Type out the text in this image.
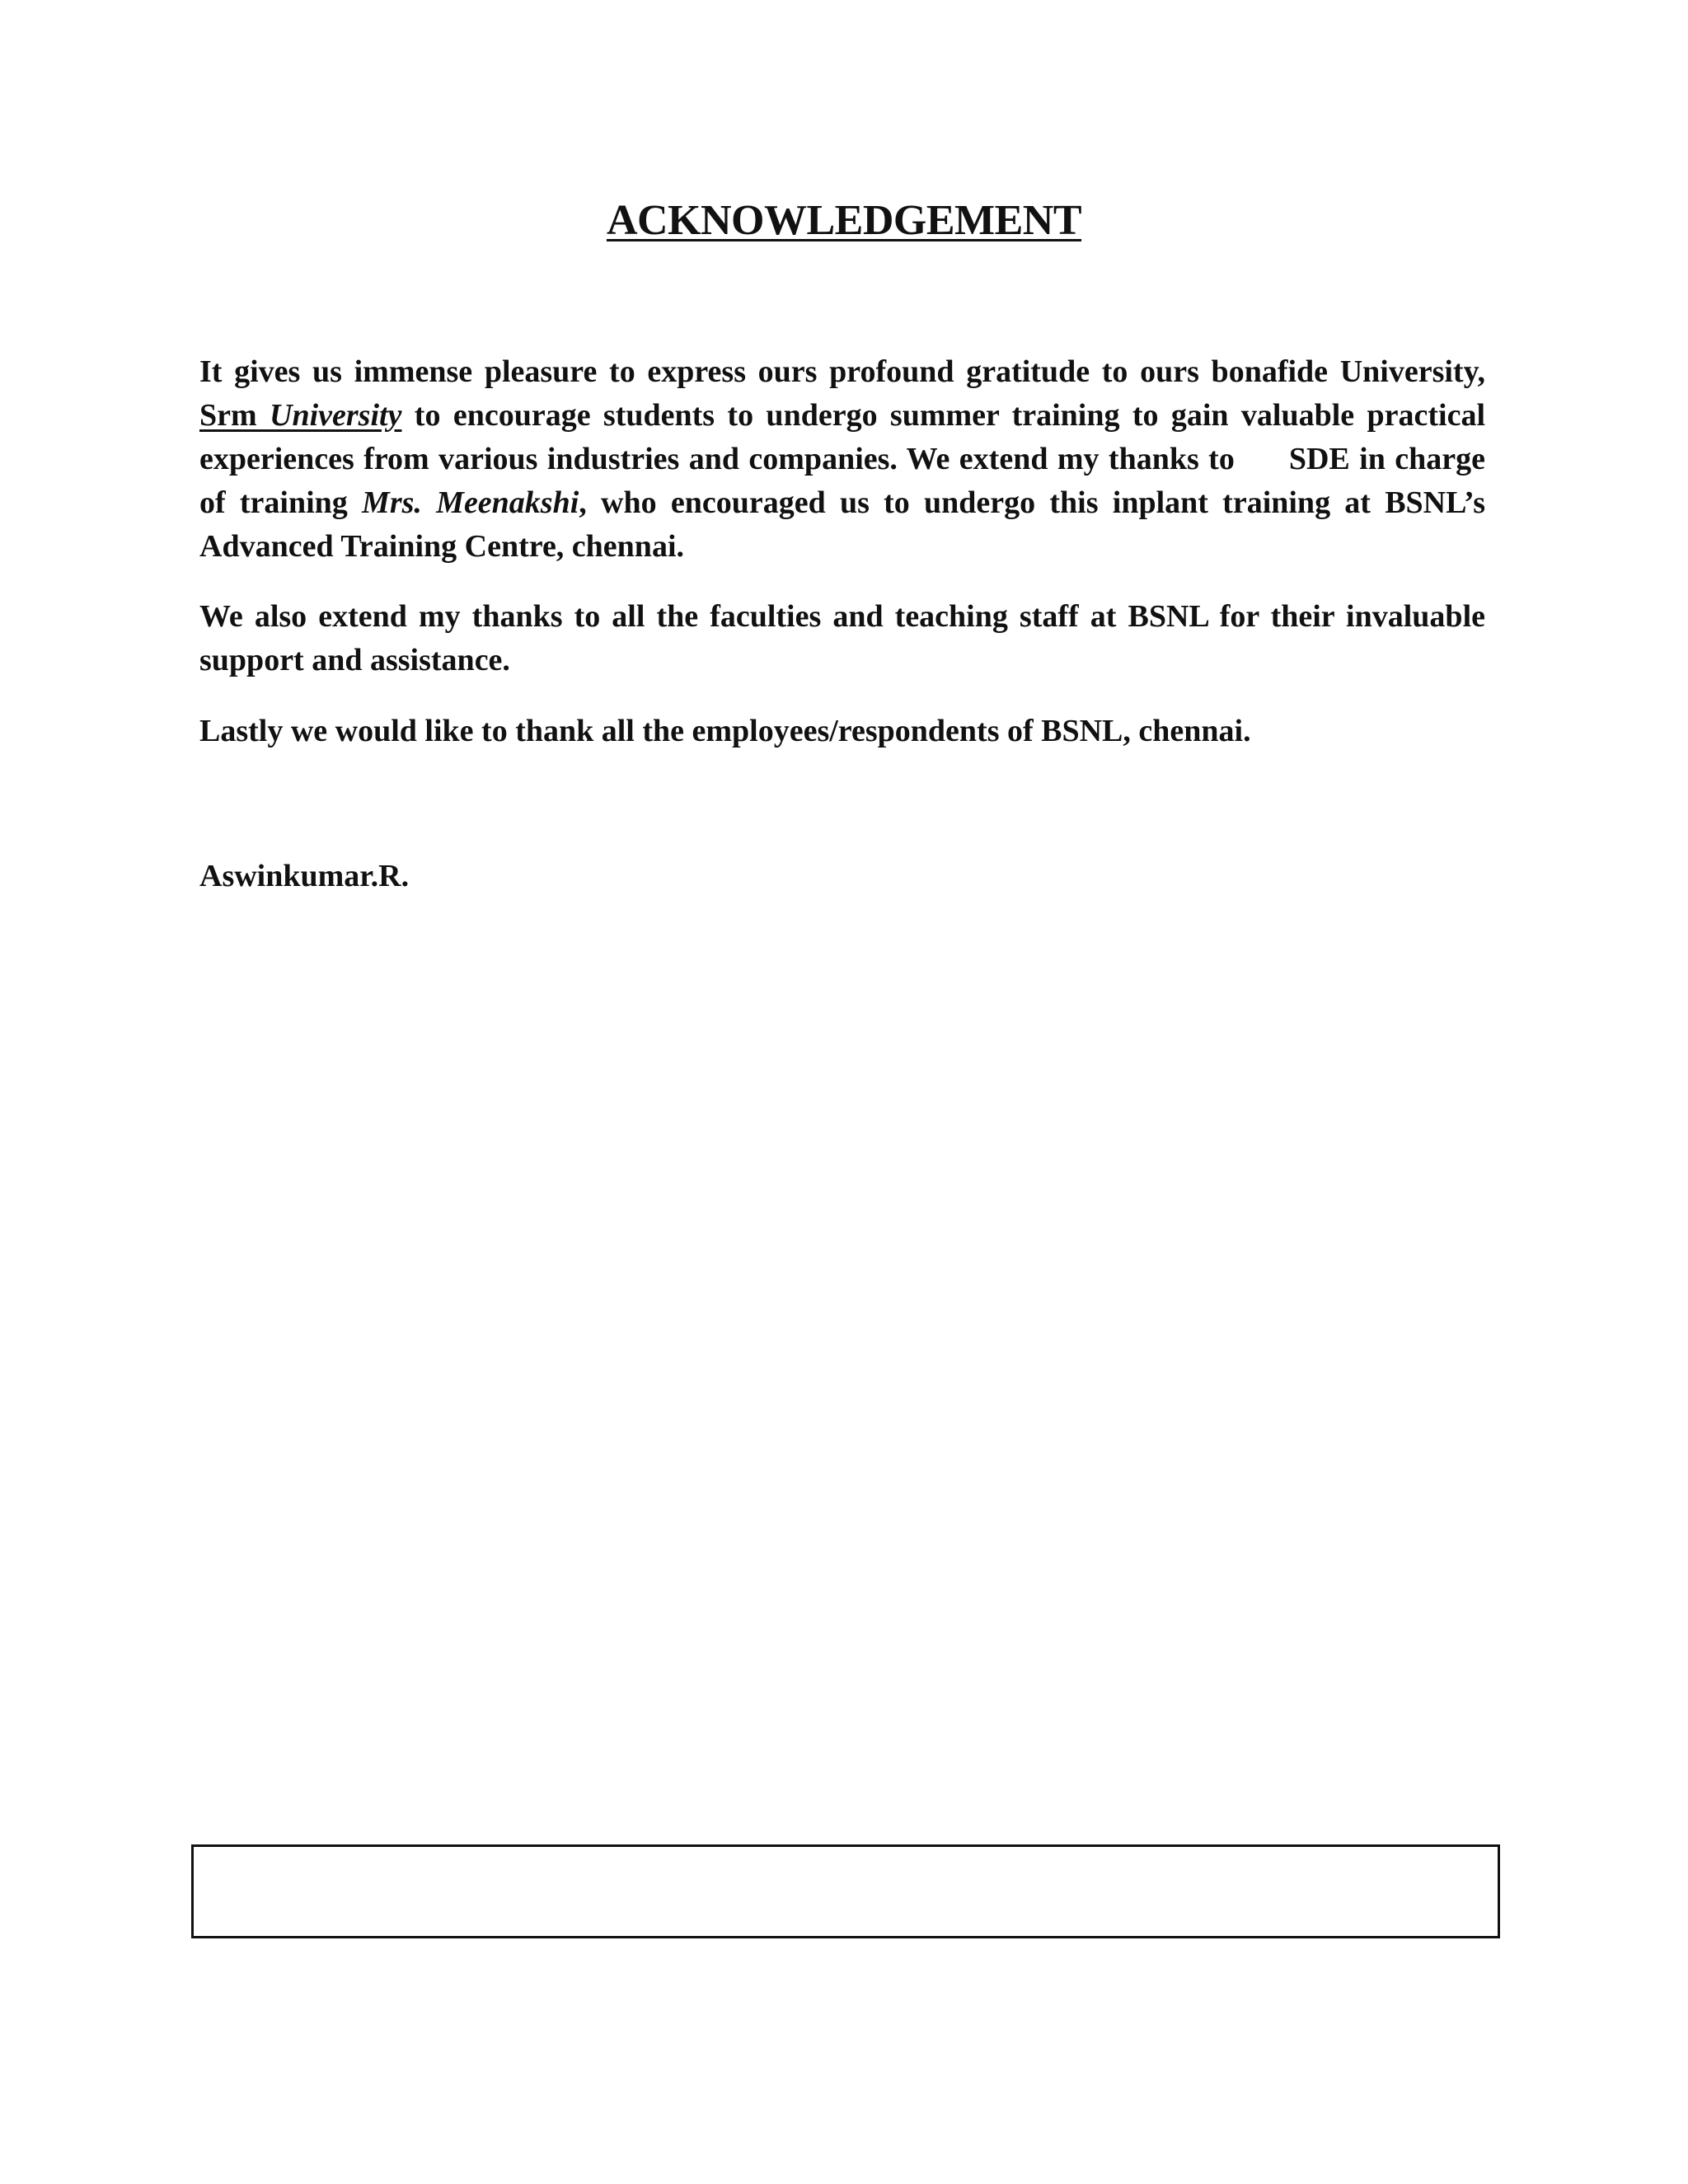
ACKNOWLEDGEMENT
It gives us immense pleasure to express ours profound gratitude to ours bonafide University, Srm University to encourage students to undergo summer training to gain valuable practical experiences from various industries and companies. We extend my thanks to SDE in charge of training Mrs. Meenakshi, who encouraged us to undergo this inplant training at BSNL’s Advanced Training Centre, chennai.
We also extend my thanks to all the faculties and teaching staff at BSNL for their invaluable support and assistance.
Lastly we would like to thank all the employees/respondents of BSNL, chennai.
Aswinkumar.R.
